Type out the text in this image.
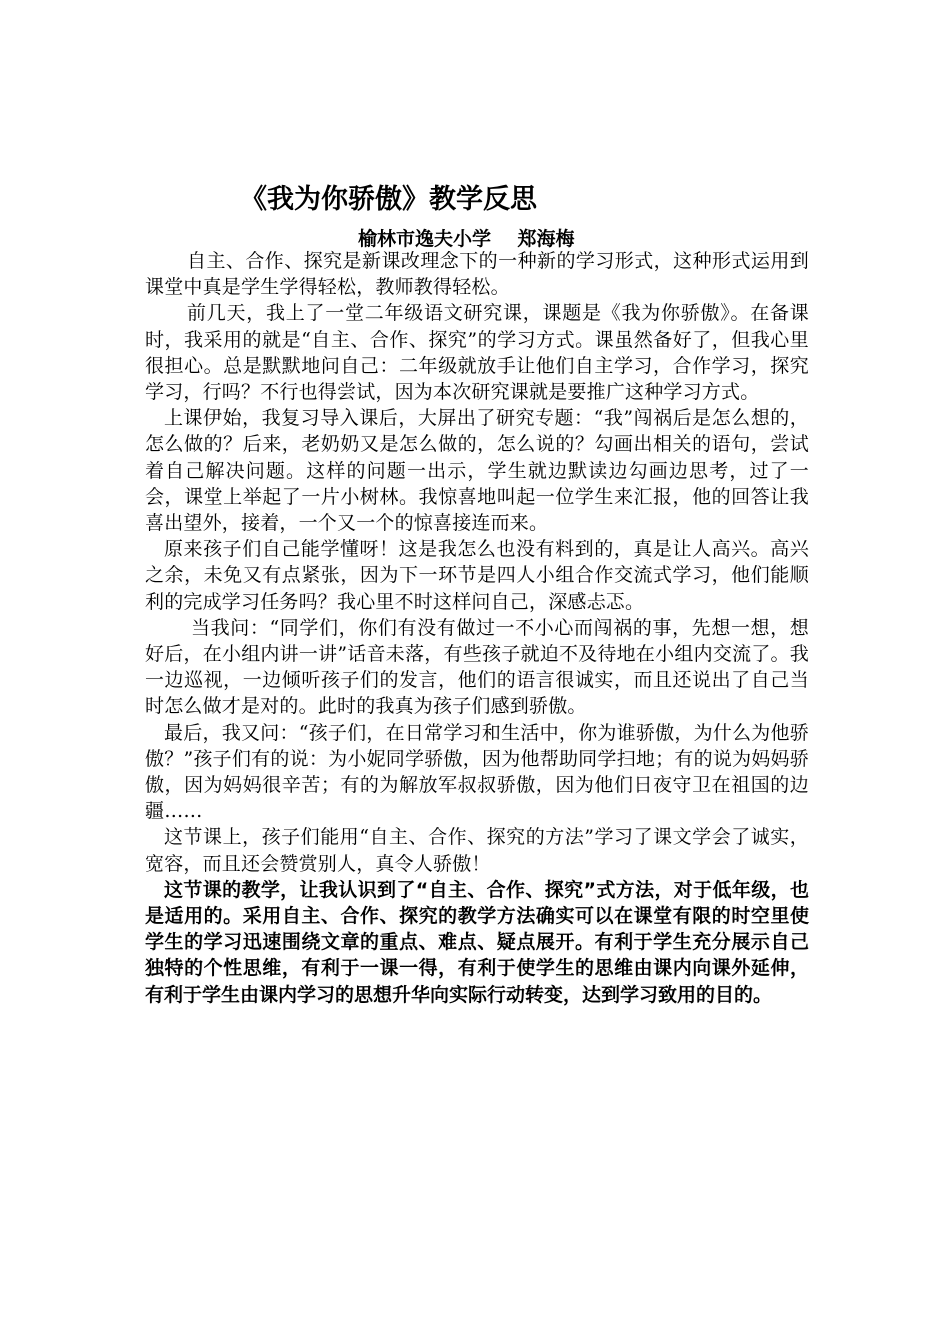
《我为你骄傲》教学反思

榆林市逸夫小学    郑海梅

自主、合作、探究是新课改理念下的一种新的学习形式，这种形式运用到课堂中真是学生学得轻松，教师教得轻松。

前几天，我上了一堂二年级语文研究课，课题是《我为你骄傲》。在备课时，我采用的就是“自主、合作、探究”的学习方式。课虽然备好了，但我心里很担心。总是默默地问自己：二年级就放手让他们自主学习，合作学习，探究学习，行吗？不行也得尝试，因为本次研究课就是要推广这种学习方式。

上课伊始，我复习导入课后，大屏出了研究专题：“我”闯祸后是怎么想的，怎么做的？后来，老奶奶又是怎么做的，怎么说的？勾画出相关的语句，尝试着自己解决问题。这样的问题一出示，学生就边默读边勾画边思考，过了一会，课堂上举起了一片小树林。我惊喜地叫起一位学生来汇报，他的回答让我喜出望外，接着，一个又一个的惊喜接连而来。

原来孩子们自己能学懂呀！这是我怎么也没有料到的，真是让人高兴。高兴之余，未免又有点紧张，因为下一环节是四人小组合作交流式学习，他们能顺利的完成学习任务吗？我心里不时这样问自己，深感忐忑。

当我问：“同学们，你们有没有做过一不小心而闯祸的事，先想一想，想好后，在小组内讲一讲”话音未落，有些孩子就迫不及待地在小组内交流了。我一边巡视，一边倾听孩子们的发言，他们的语言很诚实，而且还说出了自己当时怎么做才是对的。此时的我真为孩子们感到骄傲。

最后，我又问：“孩子们，在日常学习和生活中，你为谁骄傲，为什么为他骄傲？”孩子们有的说：为小妮同学骄傲，因为他帮助同学扫地；有的说为妈妈骄傲，因为妈妈很辛苦；有的为解放军叔叔骄傲，因为他们日夜守卫在祖国的边疆……

这节课上，孩子们能用“自主、合作、探究的方法”学习了课文学会了诚实，宽容，而且还会赞赏别人，真令人骄傲！

这节课的教学，让我认识到了“自主、合作、探究”式方法，对于低年级，也是适用的。采用自主、合作、探究的教学方法确实可以在课堂有限的时空里使学生的学习迅速围绕文章的重点、难点、疑点展开。有利于学生充分展示自己独特的个性思维，有利于一课一得，有利于使学生的思维由课内向课外延伸，有利于学生由课内学习的思想升华向实际行动转变，达到学习致用的目的。
